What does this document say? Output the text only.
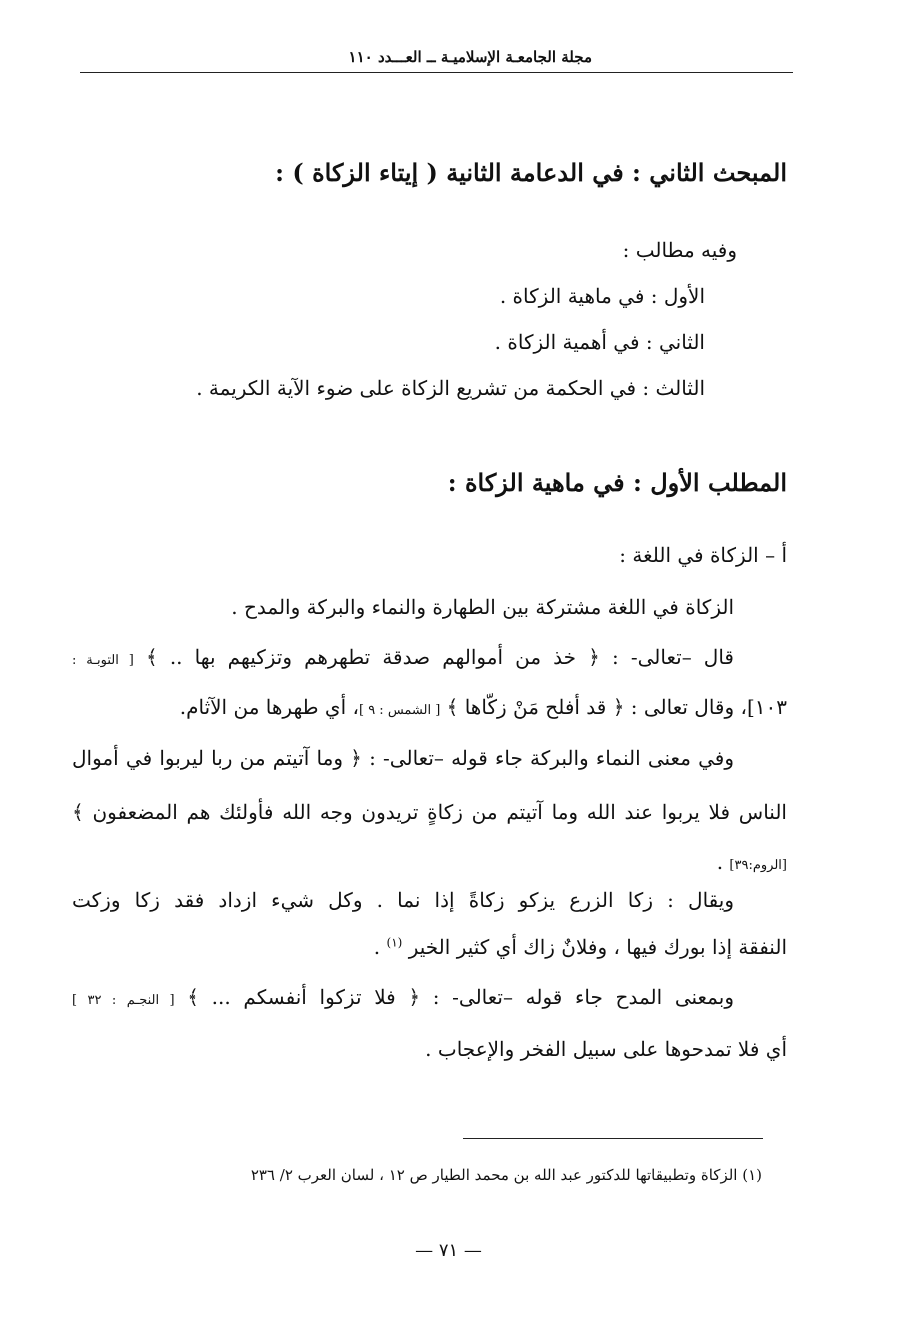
مجلة الجامعـة الإسلاميـة ــ العـــدد ١١٠
المبحث الثاني : في الدعامة الثانية ( إيتاء الزكاة ) :
وفيه مطالب :
الأول : في ماهية الزكاة .
الثاني : في أهمية الزكاة .
الثالث : في الحكمة من تشريع الزكاة على ضوء الآية الكريمة .
المطلب الأول : في ماهية الزكاة :
أ – الزكاة في اللغة :
الزكاة في اللغة مشتركة بين الطهارة والنماء والبركة والمدح .
قال –تعالى- : ﴿ خذ من أموالهم صدقة تطهرهم وتزكيهم بها .. ﴾ [ التوبـة :
١٠٣]، وقال تعالى : ﴿ قد أفلح مَنْ زكّاها ﴾ [ الشمس : ٩ ]، أي طهرها من الآثام.
وفي معنى النماء والبركة جاء قوله –تعالى- : ﴿ وما آتيتم من ربا ليربوا في أموال
الناس فلا يربوا عند الله وما آتيتم من زكاةٍ تريدون وجه الله فأولئك هم المضعفون ﴾
[الروم:٣٩] .
ويقال : زكا الزرع يزكو زكاةً إذا نما . وكل شيء ازداد فقد زكا وزكت
النفقة إذا بورك فيها ، وفلانٌ زاك أي كثير الخير $^{(١)}$ .
وبمعنى المدح جاء قوله –تعالى- : ﴿ فلا تزكوا أنفسكم ... ﴾ [ النجـم : ٣٢ ]
أي فلا تمدحوها على سبيل الفخر والإعجاب .
(١) الزكاة وتطبيقاتها للدكتور عبد الله بن محمد الطيار ص ١٢ ، لسان العرب ٢/ ٢٣٦
— ٧١ —
